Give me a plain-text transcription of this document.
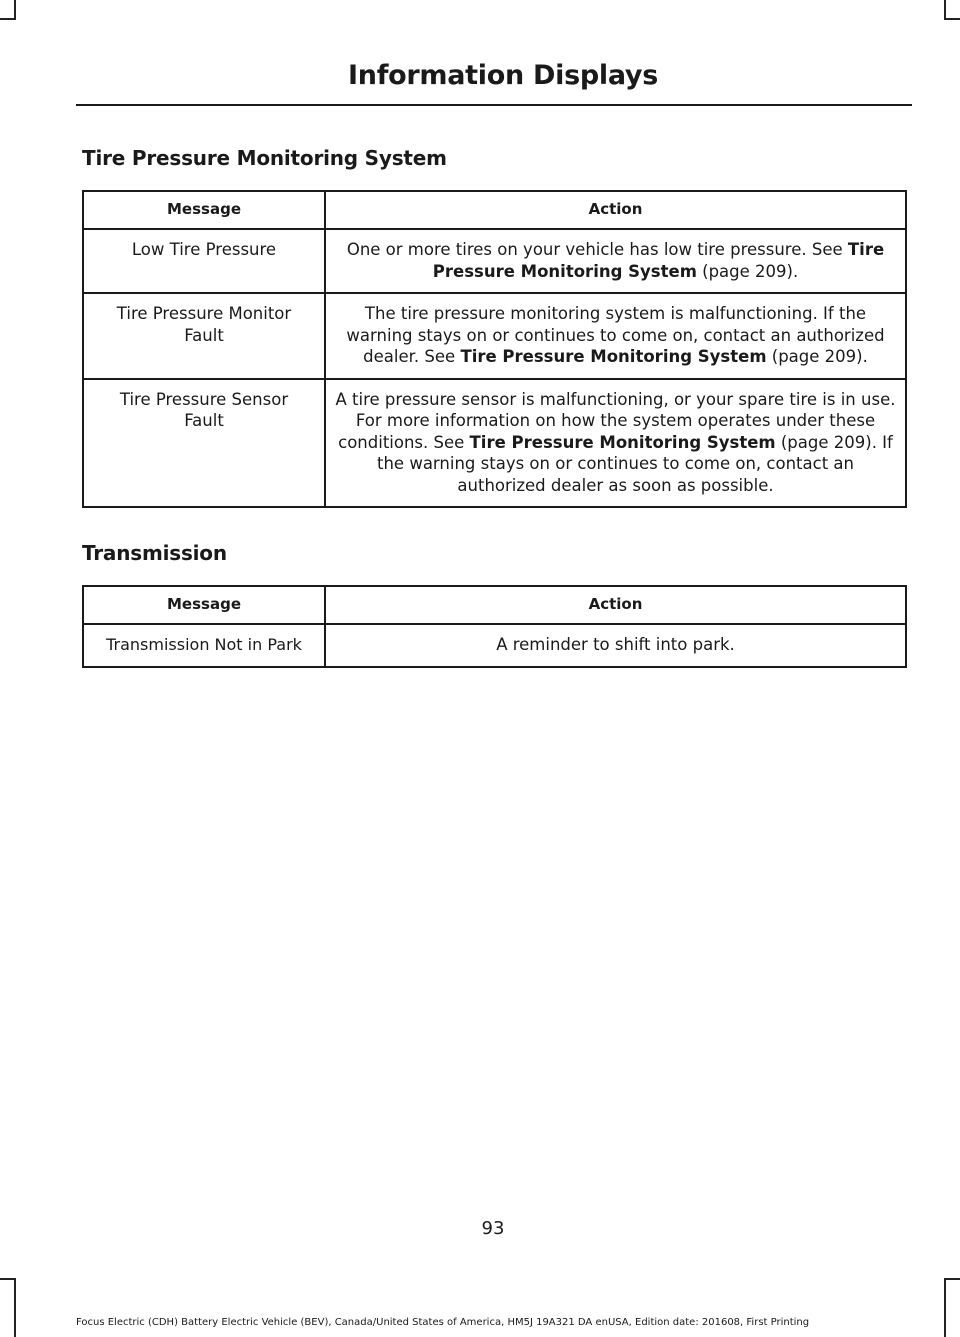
Information Displays
Tire Pressure Monitoring System
Message	Action
Low Tire Pressure	One or more tires on your vehicle has low tire pressure. See Tire Pressure Monitoring System (page 209).
Tire Pressure Monitor Fault	The tire pressure monitoring system is malfunctioning. If the warning stays on or continues to come on, contact an authorized dealer. See Tire Pressure Monitoring System (page 209).
Tire Pressure Sensor Fault	A tire pressure sensor is malfunctioning, or your spare tire is in use. For more information on how the system operates under these conditions. See Tire Pressure Monitoring System (page 209). If the warning stays on or continues to come on, contact an authorized dealer as soon as possible.
Transmission
Message	Action
Transmission Not in Park	A reminder to shift into park.
93
Focus Electric (CDH) Battery Electric Vehicle (BEV), Canada/United States of America, HM5J 19A321 DA enUSA, Edition date: 201608, First Printing
